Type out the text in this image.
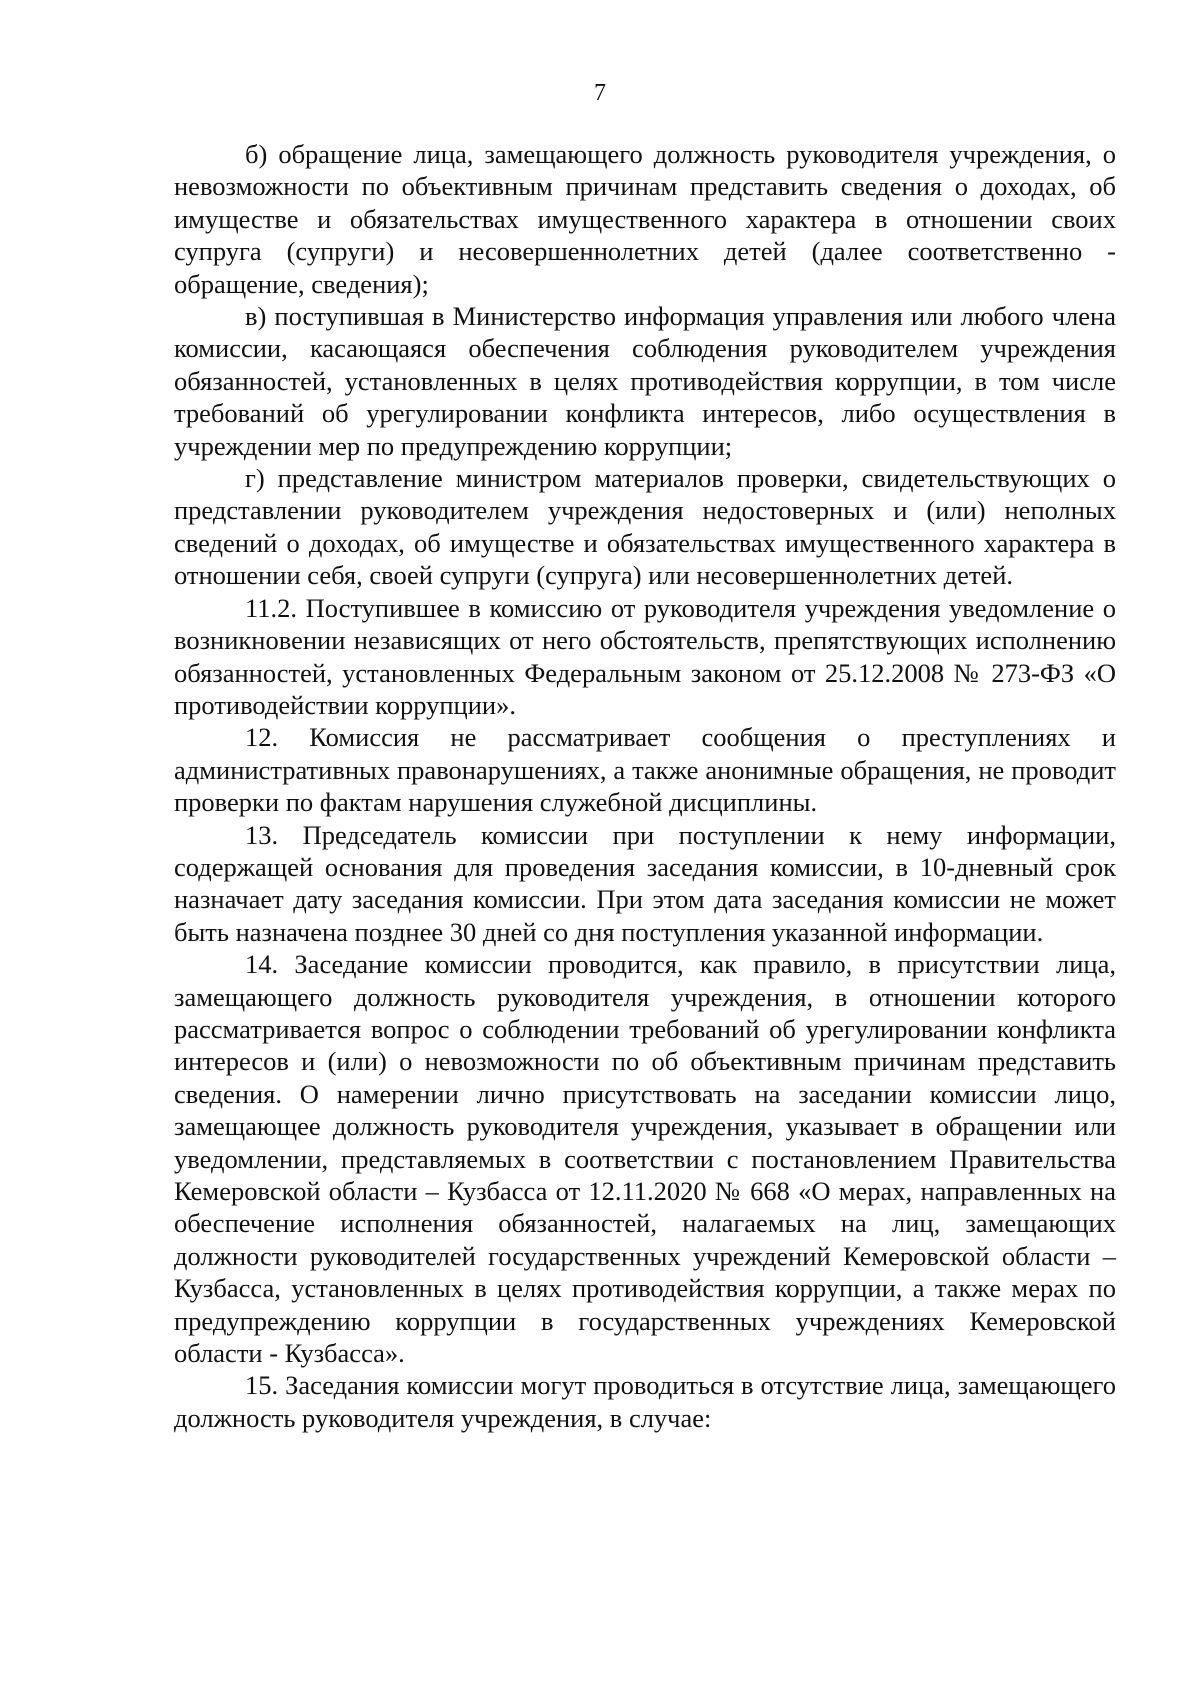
7

б) обращение лица, замещающего должность руководителя учреждения, о невозможности по объективным причинам представить сведения о доходах, об имуществе и обязательствах имущественного характера в отношении своих супруга (супруги) и несовершеннолетних детей (далее соответственно - обращение, сведения);

в) поступившая в Министерство информация управления или любого члена комиссии, касающаяся обеспечения соблюдения руководителем учреждения обязанностей, установленных в целях противодействия коррупции, в том числе требований об урегулировании конфликта интересов, либо осуществления в учреждении мер по предупреждению коррупции;

г) представление министром материалов проверки, свидетельствующих о представлении руководителем учреждения недостоверных и (или) неполных сведений о доходах, об имуществе и обязательствах имущественного характера в отношении себя, своей супруги (супруга) или несовершеннолетних детей.

11.2. Поступившее в комиссию от руководителя учреждения уведомление о возникновении независящих от него обстоятельств, препятствующих исполнению обязанностей, установленных Федеральным законом от 25.12.2008 № 273-ФЗ «О противодействии коррупции».

12. Комиссия не рассматривает сообщения о преступлениях и административных правонарушениях, а также анонимные обращения, не проводит проверки по фактам нарушения служебной дисциплины.

13. Председатель комиссии при поступлении к нему информации, содержащей основания для проведения заседания комиссии, в 10-дневный срок назначает дату заседания комиссии. При этом дата заседания комиссии не может быть назначена позднее 30 дней со дня поступления указанной информации.

14. Заседание комиссии проводится, как правило, в присутствии лица, замещающего должность руководителя учреждения, в отношении которого рассматривается вопрос о соблюдении требований об урегулировании конфликта интересов и (или) о невозможности по об объективным причинам представить сведения. О намерении лично присутствовать на заседании комиссии лицо, замещающее должность руководителя учреждения, указывает в обращении или уведомлении, представляемых в соответствии с постановлением Правительства Кемеровской области – Кузбасса от 12.11.2020 № 668 «О мерах, направленных на обеспечение исполнения обязанностей, налагаемых на лиц, замещающих должности руководителей государственных учреждений Кемеровской области – Кузбасса, установленных в целях противодействия коррупции, а также мерах по предупреждению коррупции в государственных учреждениях Кемеровской области - Кузбасса».

15. Заседания комиссии могут проводиться в отсутствие лица, замещающего должность руководителя учреждения, в случае:
